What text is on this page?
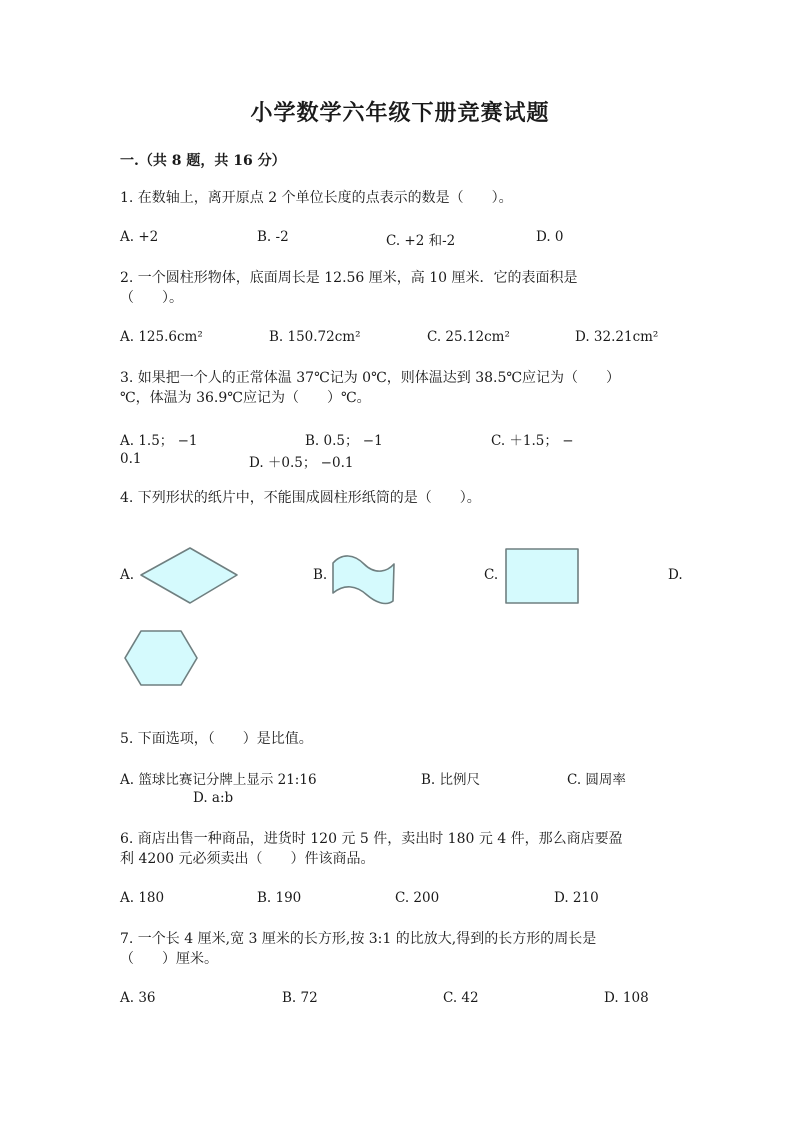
小学数学六年级下册竞赛试题
一.（共 8 题，共 16 分）
1. 在数轴上，离开原点 2 个单位长度的点表示的数是（　　）。
A. +2	B. -2	C. +2 和-2	D. 0
2. 一个圆柱形物体，底面周长是 12.56 厘米，高 10 厘米．它的表面积是
（　　）。
A. 125.6cm²	B. 150.72cm²	C. 25.12cm²	D. 32.21cm²
3. 如果把一个人的正常体温 37℃记为 0℃，则体温达到 38.5℃应记为（　　）
℃，体温为 36.9℃应记为（　　）℃。
A. 1.5； −1	B. 0.5； −1	C. ＋1.5； −
0.1	D. ＋0.5； −0.1
4. 下列形状的纸片中，不能围成圆柱形纸筒的是（　　）。
A.	B.	C.	D.
5. 下面选项，（　　）是比值。
A. 篮球比赛记分牌上显示 21:16	B. 比例尺	C. 圆周率
D. a:b
6. 商店出售一种商品，进货时 120 元 5 件，卖出时 180 元 4 件，那么商店要盈
利 4200 元必须卖出（　　）件该商品。
A. 180	B. 190	C. 200	D. 210
7. 一个长 4 厘米,宽 3 厘米的长方形,按 3:1 的比放大,得到的长方形的周长是
（　　）厘米。
A. 36	B. 72	C. 42	D. 108
